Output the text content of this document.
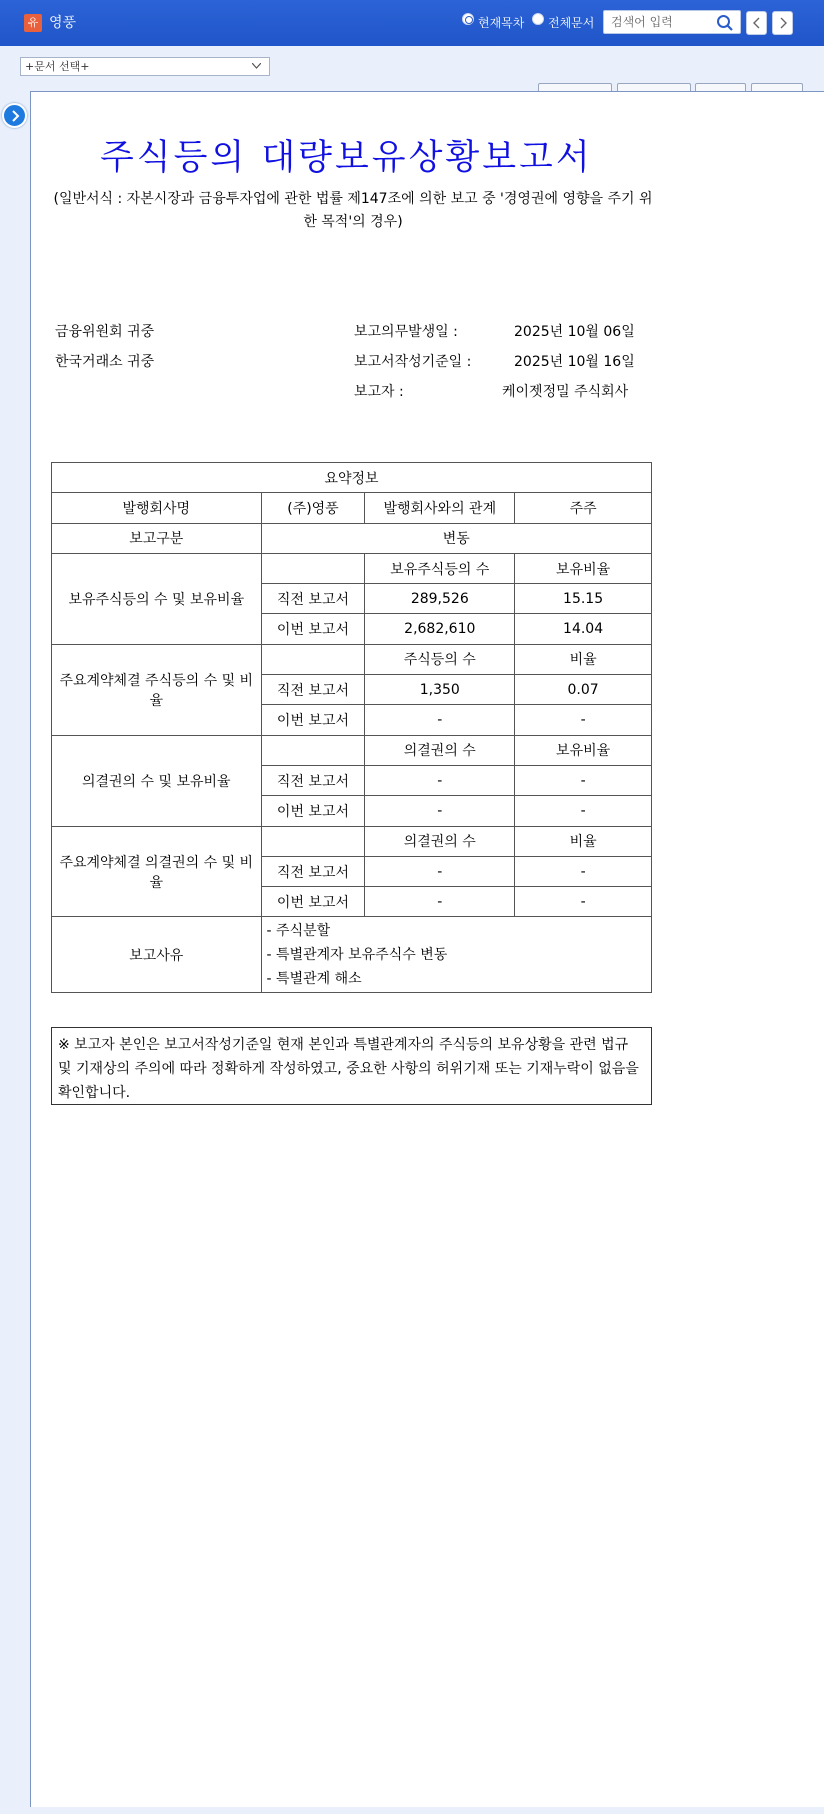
유 영풍	현재목차 전체문서
검색어 입력
+문서 선택+
주식등의 대량보유상황보고서
(일반서식 : 자본시장과 금융투자업에 관한 법률 제147조에 의한 보고 중 '경영권에 영향을 주기 위한 목적'의 경우)
금융위원회 귀중
한국거래소 귀중
보고의무발생일 :	2025년 10월 06일
보고서작성기준일 :	2025년 10월 16일
보고자 :	케이젯정밀 주식회사
요약정보			
발행회사명	(주)영풍	발행회사와의 관계	주주
보고구분	변동		
보유주식등의 수 및 보유비율		보유주식등의 수	보유비율
	직전 보고서	289,526	15.15
	이번 보고서	2,682,610	14.04
주요계약체결 주식등의 수 및 비율		주식등의 수	비율
	직전 보고서	1,350	0.07
	이번 보고서	-	-
의결권의 수 및 보유비율		의결권의 수	보유비율
	직전 보고서	-	-
	이번 보고서	-	-
주요계약체결 의결권의 수 및 비율		의결권의 수	비율
	직전 보고서	-	-
	이번 보고서	-	-
보고사유	- 주식분할
- 특별관계자 보유주식수 변동
- 특별관계 해소		
※ 보고자 본인은 보고서작성기준일 현재 본인과 특별관계자의 주식등의 보유상황을 관련 법규 및 기재상의 주의에 따라 정확하게 작성하였고, 중요한 사항의 허위기재 또는 기재누락이 없음을 확인합니다.
